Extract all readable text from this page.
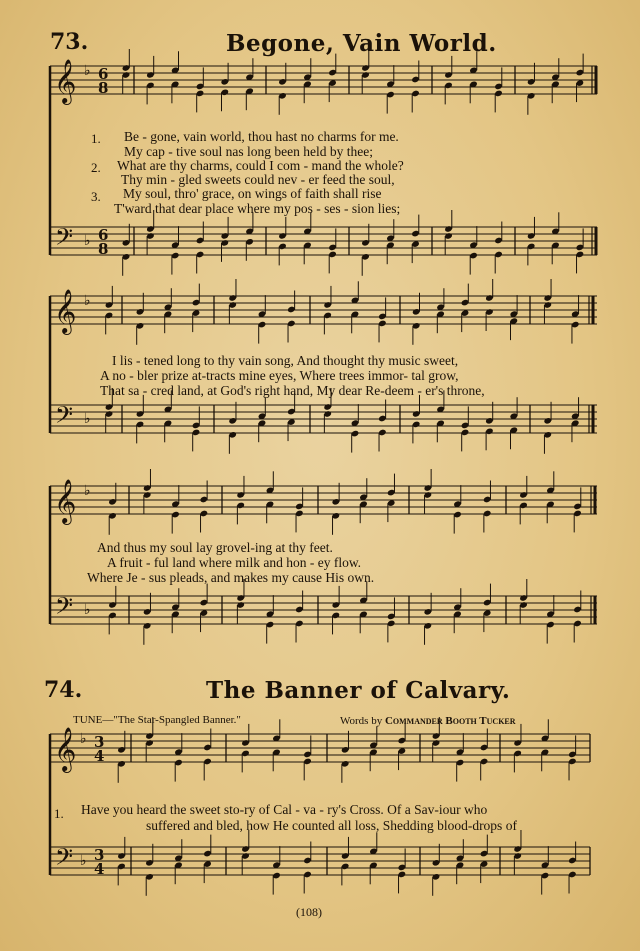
73.	Begone, Vain World.
1. Be - gone, vain world, thou hast no charms for me.
My cap - tive soul nas long been held by thee;
2. What are thy charms, could I com - mand the whole?
Thy min - gled sweets could nev - er feed the soul,
3. My soul, thro' grace, on wings of faith shall rise
T'ward that dear place where my pos - ses - sion lies;
I lis - tened long to thy vain song, And thought thy music sweet,
A no - bler prize at-tracts mine eyes, Where trees immor- tal grow,
That sa - cred land, at God's right hand, My dear Re-deem - er's throne,
And thus my soul lay grovel-ing at thy feet.
A fruit - ful land where milk and hon - ey flow.
Where Je - sus pleads, and makes my cause His own.
74.	The Banner of Calvary.
TUNE—"The Star-Spangled Banner."	Words by Commander Booth Tucker
1. Have you heard the sweet sto-ry of Cal - va - ry's Cross. Of a Sav-iour who
suffered and bled, how He counted all loss, Shedding blood-drops of
(108)
𝄞 ♭ 6
8
𝄢 ♭ 6
8
𝄞 ♭
𝄢 ♭
𝄞 ♭
𝄢 ♭
𝄞 ♭ 3
4
𝄢 ♭ 3
4
